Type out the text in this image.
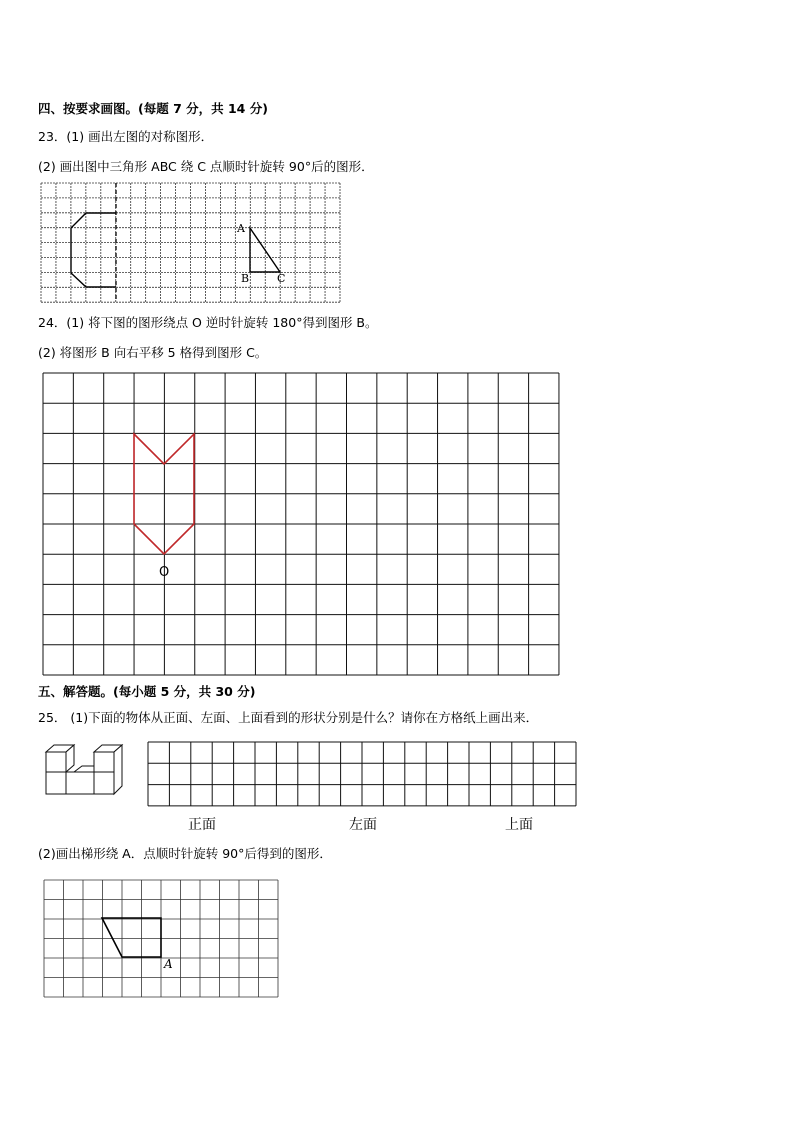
四、按要求画图。(每题 7 分，共 14 分)
23．(1) 画出左图的对称图形．
(2) 画出图中三角形 ABC 绕 C 点顺时针旋转 90°后的图形．
A
B	C
24．(1) 将下图的图形绕点 O 逆时针旋转 180°得到图形 B。
(2) 将图形 B 向右平移 5 格得到图形 C。
O
五、解答题。(每小题 5 分，共 30 分)
25． (1)下面的物体从正面、左面、上面看到的形状分别是什么？请你在方格纸上画出来．
正面	左面	上面
(2)画出梯形绕 A．点顺时针旋转 90°后得到的图形．
A
